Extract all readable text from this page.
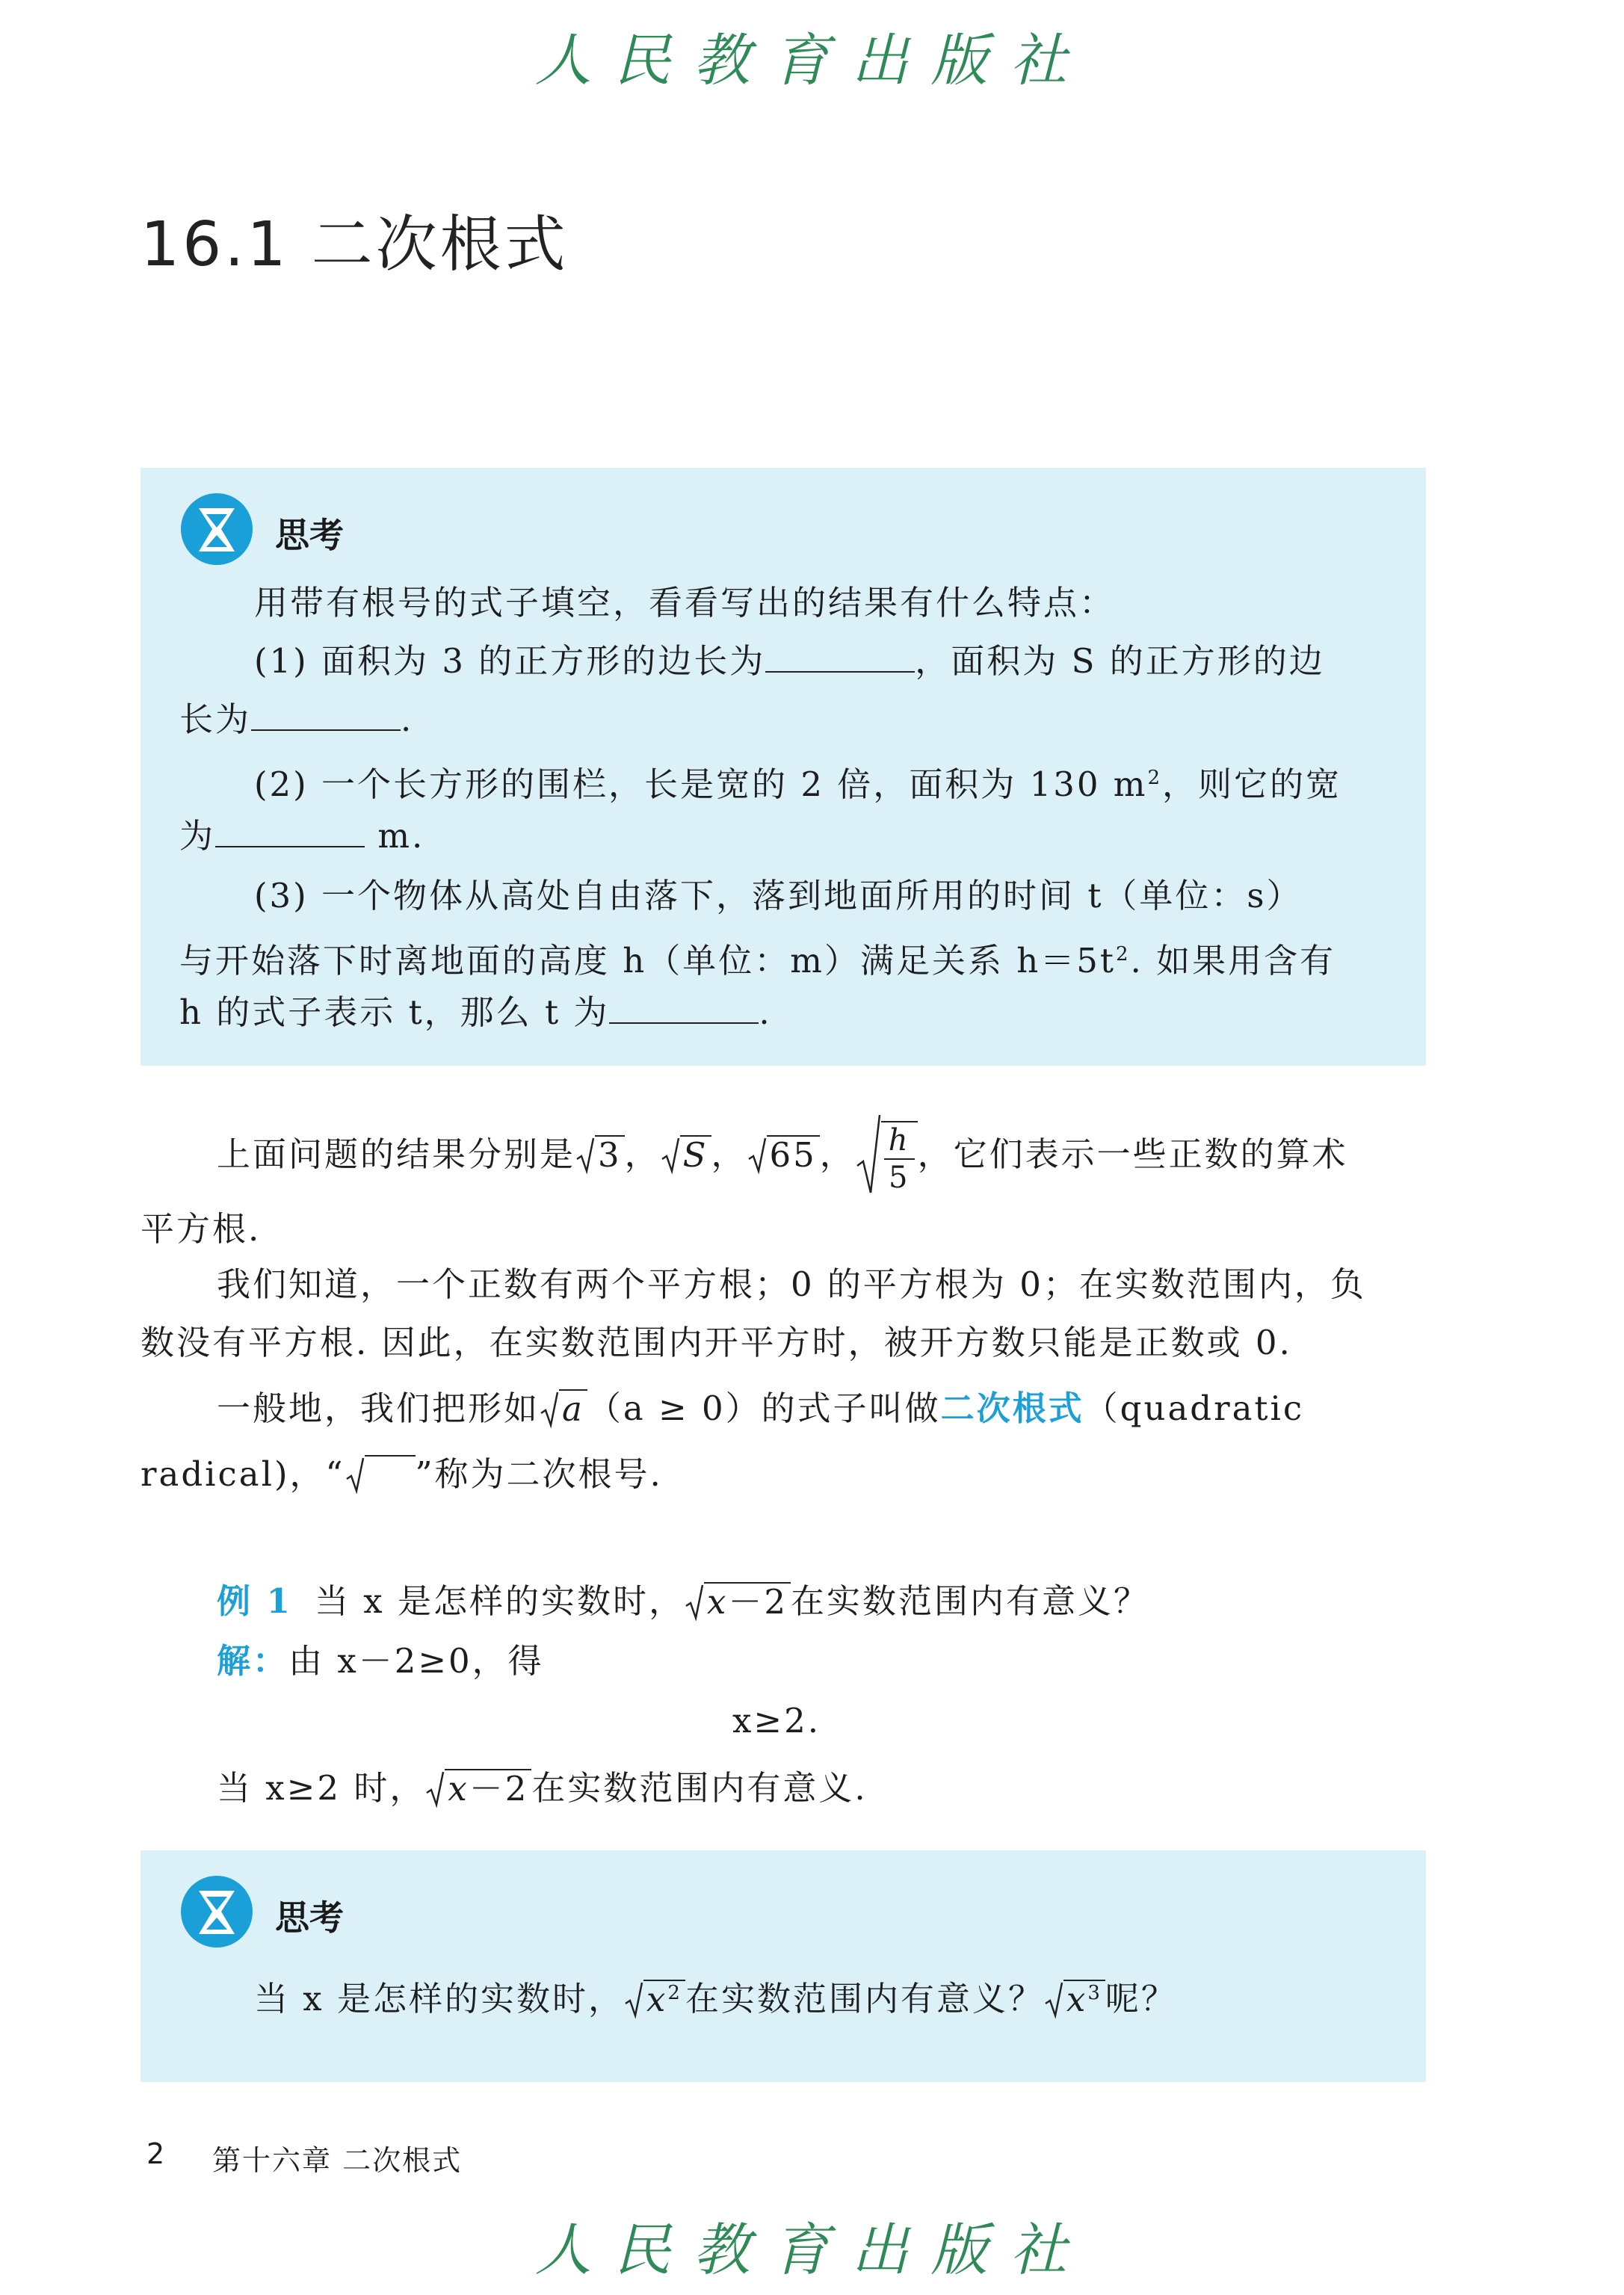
人民教育出版社
16.1 二次根式
思考
用带有根号的式子填空，看看写出的结果有什么特点：
(1) 面积为 3 的正方形的边长为	，面积为 S 的正方形的边
长为	.
(2) 一个长方形的围栏，长是宽的 2 倍，面积为 130 $m^2$，则它的宽
为	m.
(3) 一个物体从高处自由落下，落到地面所用的时间 t（单位：s）
与开始落下时离地面的高度 h（单位：m）满足关系 $h=5t^2$. 如果用含有
h 的式子表示 t，那么 t 为	.
上面问题的结果分别是 3 ， S ， 65 ， $\frac{h}{5}$ ，它们表示一些正数的算术
平方根.
我们知道，一个正数有两个平方根；0 的平方根为 0；在实数范围内，负
数没有平方根. 因此，在实数范围内开平方时，被开方数只能是正数或 0.
一般地，我们把形如 a （a ≥ 0）的式子叫做 二次根式 （quadratic
radical)，“
”称为二次根号.
例 1 当 x 是怎样的实数时， x－2 在实数范围内有意义？
解：由 x－2≥0，得
x≥2.
当 x≥2 时， x－2 在实数范围内有意义.
思考
当 x 是怎样的实数时， $x^2$ 在实数范围内有意义？ $x^3$ 呢？
2 第十六章 二次根式
人民教育出版社
